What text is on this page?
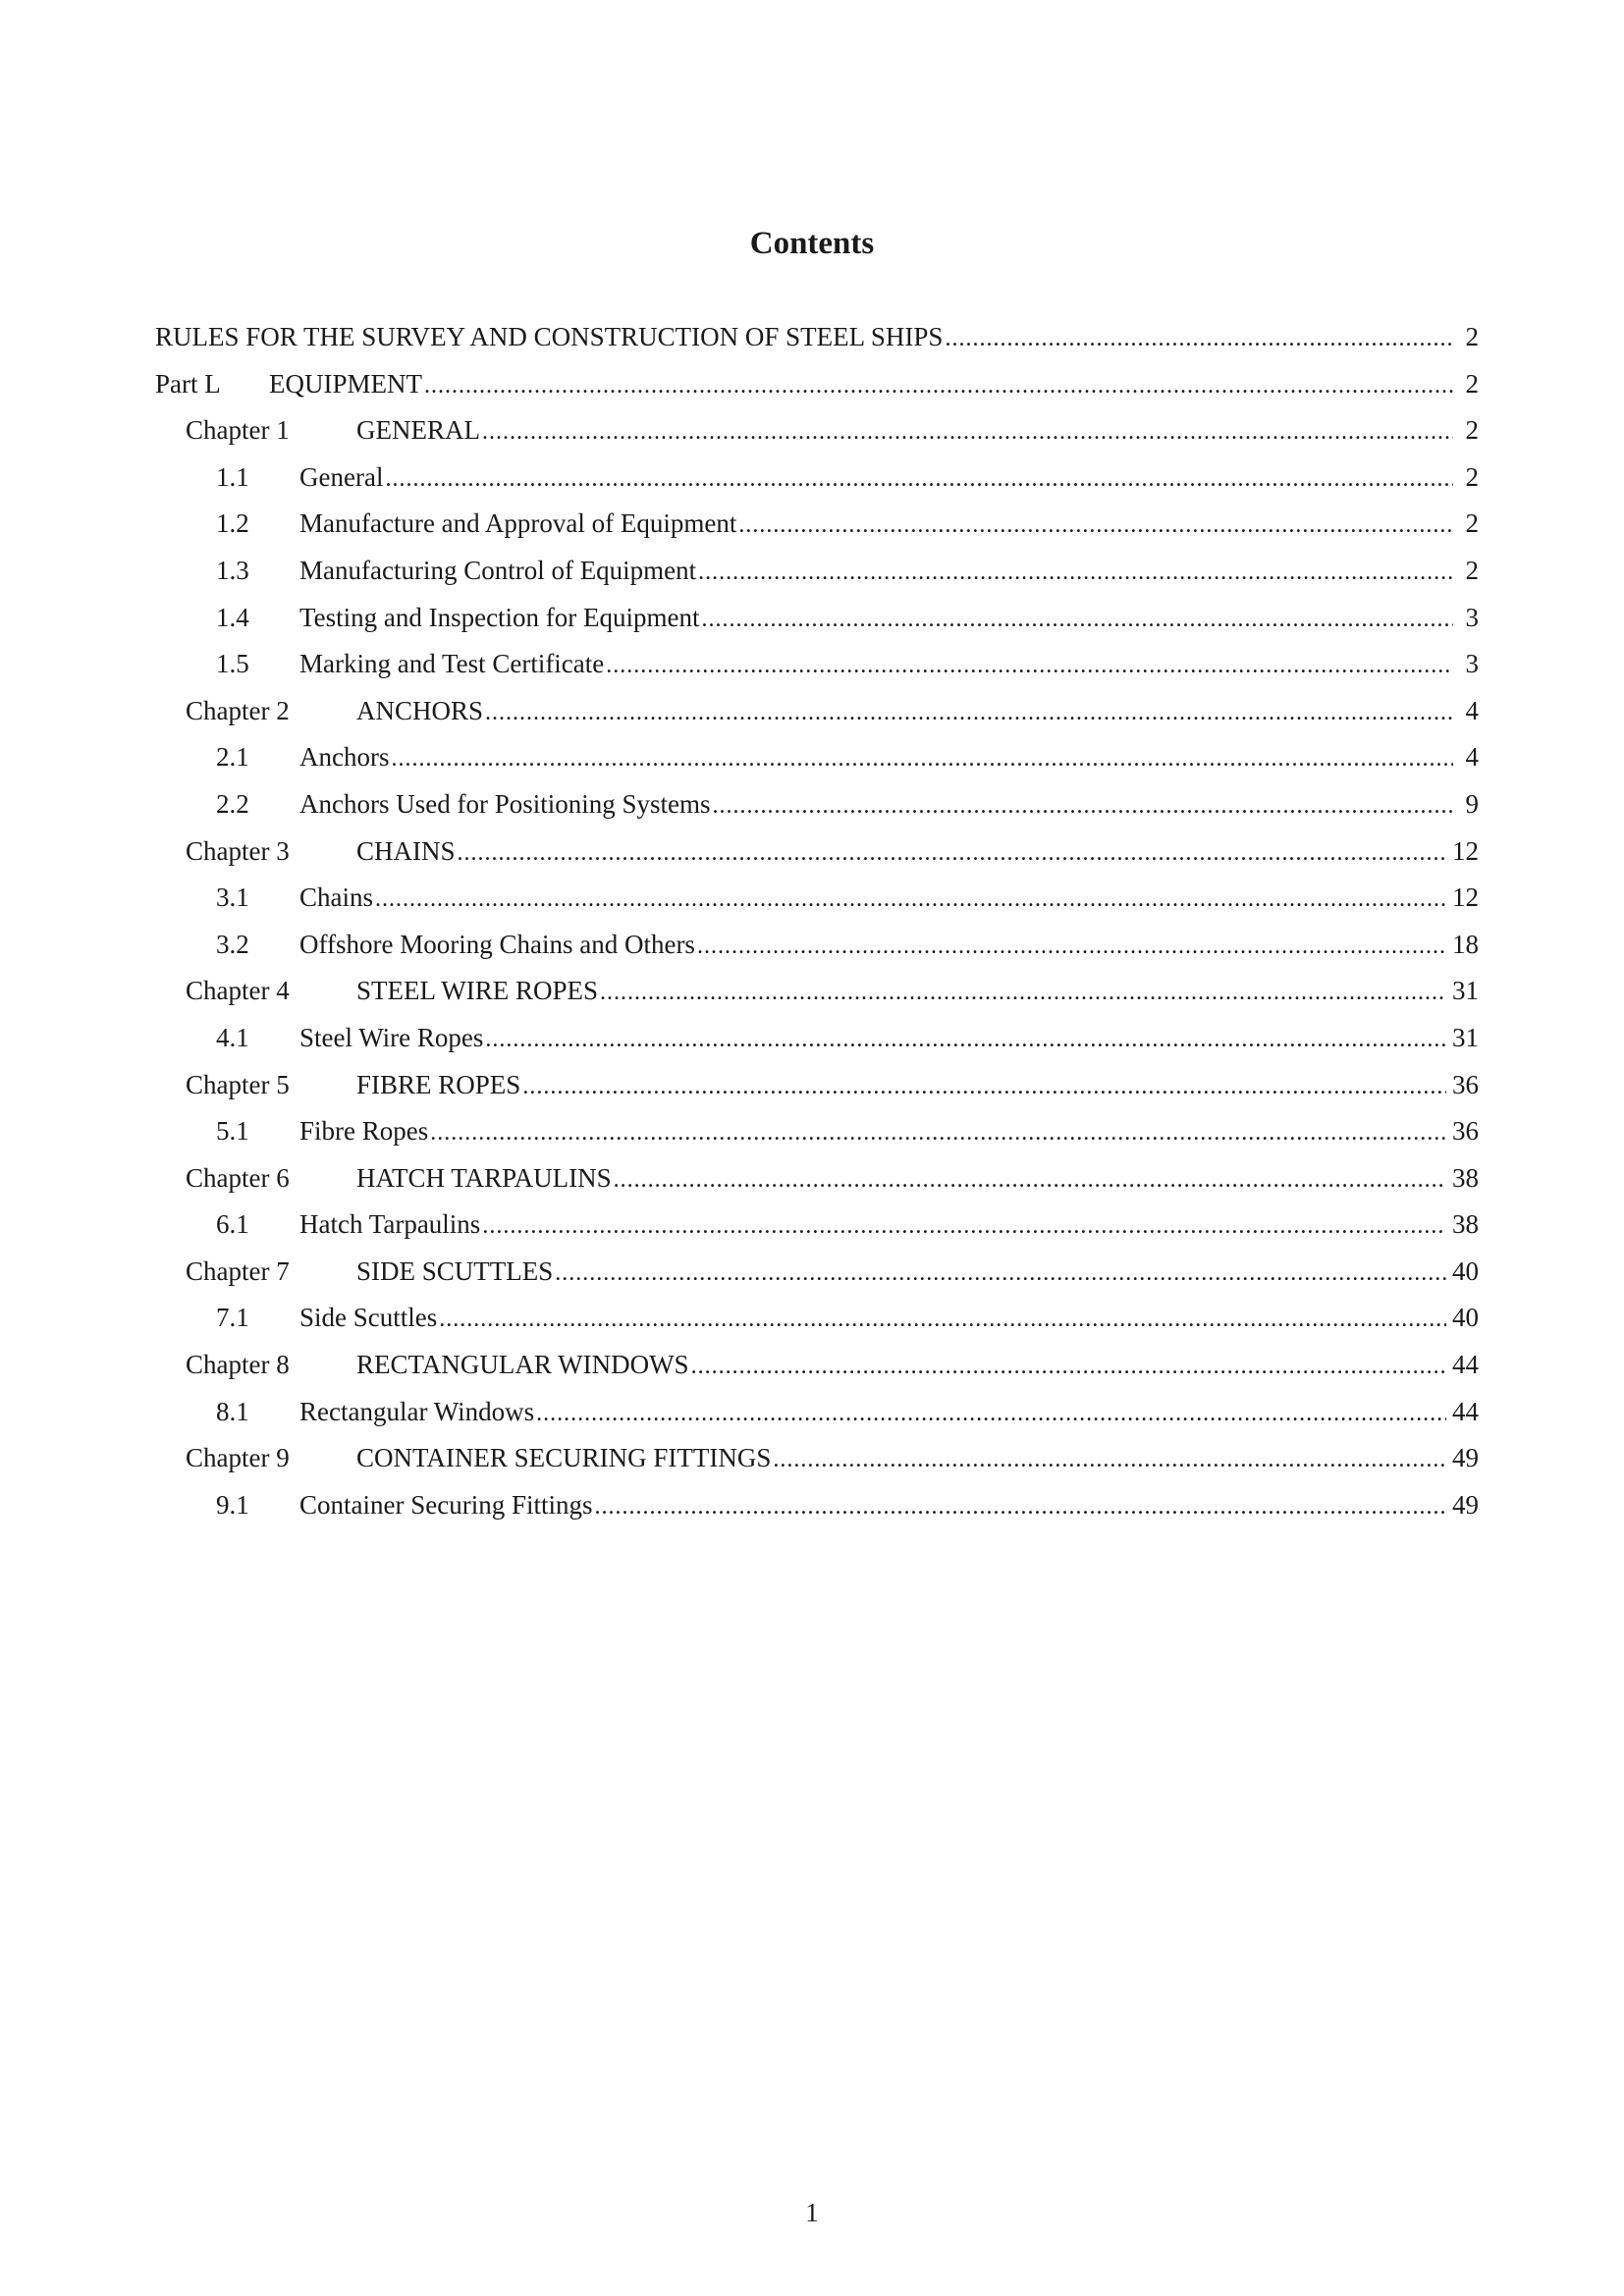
Contents
RULES FOR THE SURVEY AND CONSTRUCTION OF STEEL SHIPS .....	2
Part L	EQUIPMENT .....	2
Chapter 1	GENERAL .....	2
1.1	General .....	2
1.2	Manufacture and Approval of Equipment .....	2
1.3	Manufacturing Control of Equipment .....	2
1.4	Testing and Inspection for Equipment .....	3
1.5	Marking and Test Certificate .....	3
Chapter 2	ANCHORS .....	4
2.1	Anchors .....	4
2.2	Anchors Used for Positioning Systems .....	9
Chapter 3	CHAINS .....	12
3.1	Chains .....	12
3.2	Offshore Mooring Chains and Others .....	18
Chapter 4	STEEL WIRE ROPES .....	31
4.1	Steel Wire Ropes .....	31
Chapter 5	FIBRE ROPES .....	36
5.1	Fibre Ropes .....	36
Chapter 6	HATCH TARPAULINS .....	38
6.1	Hatch Tarpaulins .....	38
Chapter 7	SIDE SCUTTLES .....	40
7.1	Side Scuttles .....	40
Chapter 8	RECTANGULAR WINDOWS .....	44
8.1	Rectangular Windows .....	44
Chapter 9	CONTAINER SECURING FITTINGS .....	49
9.1	Container Securing Fittings .....	49
1
